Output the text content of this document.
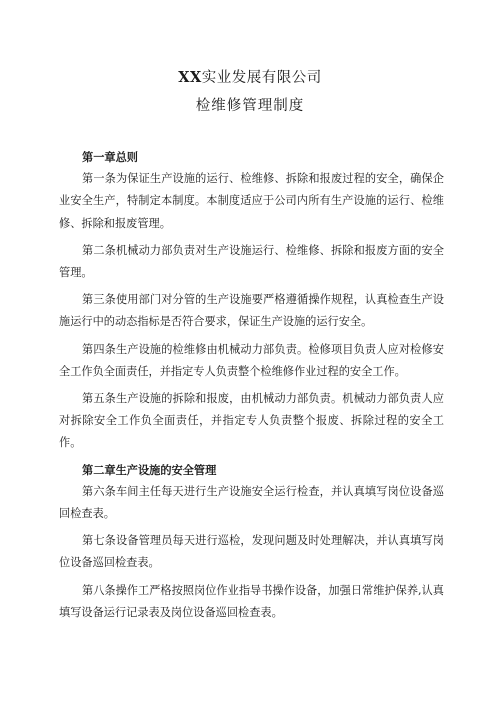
XX实业发展有限公司
检维修管理制度

第一章总则

第一条为保证生产设施的运行、检维修、拆除和报废过程的安全，确保企业安全生产，特制定本制度。本制度适应于公司内所有生产设施的运行、检维修、拆除和报废管理。

第二条机械动力部负责对生产设施运行、检维修、拆除和报废方面的安全管理。

第三条使用部门对分管的生产设施要严格遵循操作规程，认真检查生产设施运行中的动态指标是否符合要求，保证生产设施的运行安全。

第四条生产设施的检维修由机械动力部负责。检修项目负责人应对检修安全工作负全面责任，并指定专人负责整个检维修作业过程的安全工作。

第五条生产设施的拆除和报废，由机械动力部负责。机械动力部负责人应对拆除安全工作负全面责任，并指定专人负责整个报废、拆除过程的安全工作。

第二章生产设施的安全管理

第六条车间主任每天进行生产设施安全运行检查，并认真填写岗位设备巡回检查表。

第七条设备管理员每天进行巡检，发现问题及时处理解决，并认真填写岗位设备巡回检查表。

第八条操作工严格按照岗位作业指导书操作设备，加强日常维护保养,认真填写设备运行记录表及岗位设备巡回检查表。
